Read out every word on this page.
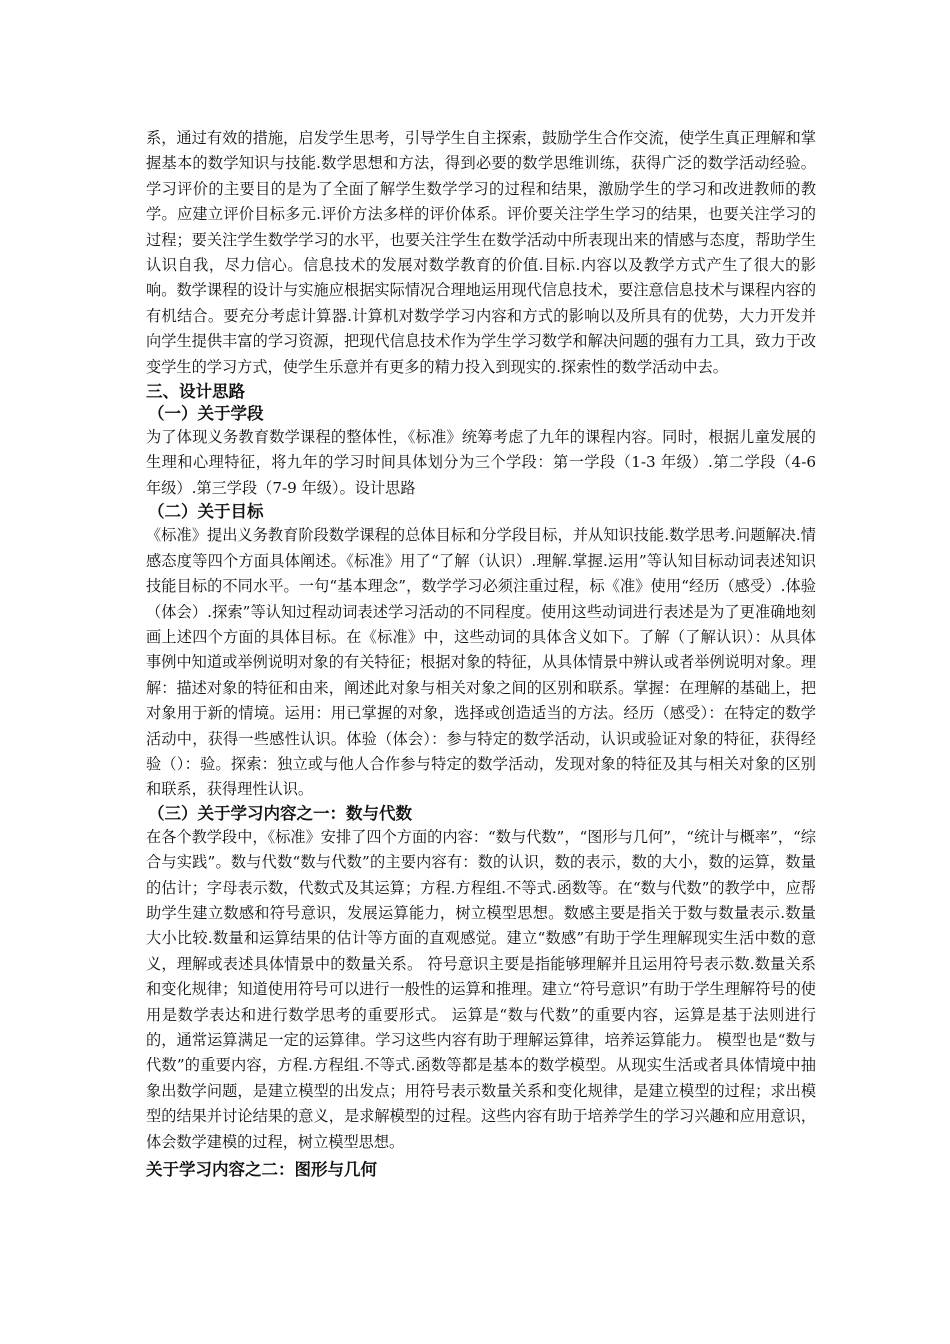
系，通过有效的措施，启发学生思考，引导学生自主探索，鼓励学生合作交流，使学生真正理解和掌握基本的数学知识与技能.数学思想和方法，得到必要的数学思维训练，获得广泛的数学活动经验。学习评价的主要目的是为了全面了解学生数学学习的过程和结果，激励学生的学习和改进教师的教学。应建立评价目标多元.评价方法多样的评价体系。评价要关注学生学习的结果，也要关注学习的过程；要关注学生数学学习的水平，也要关注学生在数学活动中所表现出来的情感与态度，帮助学生认识自我，尽力信心。信息技术的发展对数学教育的价值.目标.内容以及教学方式产生了很大的影响。数学课程的设计与实施应根据实际情况合理地运用现代信息技术，要注意信息技术与课程内容的有机结合。要充分考虑计算器.计算机对数学学习内容和方式的影响以及所具有的优势，大力开发并向学生提供丰富的学习资源，把现代信息技术作为学生学习数学和解决问题的强有力工具，致力于改变学生的学习方式，使学生乐意并有更多的精力投入到现实的.探索性的数学活动中去。

三、设计思路

（一）关于学段

为了体现义务教育数学课程的整体性，《标准》统筹考虑了九年的课程内容。同时，根据儿童发展的生理和心理特征，将九年的学习时间具体划分为三个学段：第一学段（1-3 年级）.第二学段（4-6 年级）.第三学段（7-9 年级）。设计思路

（二）关于目标

《标准》提出义务教育阶段数学课程的总体目标和分学段目标，并从知识技能.数学思考.问题解决.情感态度等四个方面具体阐述。《标准》用了“了解（认识）.理解.掌握.运用”等认知目标动词表述知识技能目标的不同水平。一句“基本理念”，数学学习必须注重过程，标《准》使用“经历（感受）.体验（体会）.探索”等认知过程动词表述学习活动的不同程度。使用这些动词进行表述是为了更准确地刻画上述四个方面的具体目标。在《标准》中，这些动词的具体含义如下。了解（了解认识）：从具体事例中知道或举例说明对象的有关特征；根据对象的特征，从具体情景中辨认或者举例说明对象。理解：描述对象的特征和由来，阐述此对象与相关对象之间的区别和联系。掌握：在理解的基础上，把对象用于新的情境。运用：用已掌握的对象，选择或创造适当的方法。经历（感受）：在特定的数学活动中，获得一些感性认识。体验（体会）：参与特定的数学活动，认识或验证对象的特征，获得经验（）：验。探索：独立或与他人合作参与特定的数学活动，发现对象的特征及其与相关对象的区别和联系，获得理性认识。

（三）关于学习内容之一：数与代数

在各个教学段中，《标准》安排了四个方面的内容：“数与代数”，“图形与几何”，“统计与概率”，“综合与实践”。数与代数“数与代数”的主要内容有：数的认识，数的表示，数的大小，数的运算，数量的估计；字母表示数，代数式及其运算；方程.方程组.不等式.函数等。在“数与代数”的教学中，应帮助学生建立数感和符号意识，发展运算能力，树立模型思想。数感主要是指关于数与数量表示.数量大小比较.数量和运算结果的估计等方面的直观感觉。建立“数感”有助于学生理解现实生活中数的意义，理解或表述具体情景中的数量关系。 符号意识主要是指能够理解并且运用符号表示数.数量关系和变化规律；知道使用符号可以进行一般性的运算和推理。建立“符号意识”有助于学生理解符号的使用是数学表达和进行数学思考的重要形式。 运算是“数与代数”的重要内容，运算是基于法则进行的，通常运算满足一定的运算律。学习这些内容有助于理解运算律，培养运算能力。 模型也是“数与代数”的重要内容，方程.方程组.不等式.函数等都是基本的数学模型。从现实生活或者具体情境中抽象出数学问题，是建立模型的出发点；用符号表示数量关系和变化规律，是建立模型的过程；求出模型的结果并讨论结果的意义，是求解模型的过程。这些内容有助于培养学生的学习兴趣和应用意识，体会数学建模的过程，树立模型思想。

关于学习内容之二：图形与几何
